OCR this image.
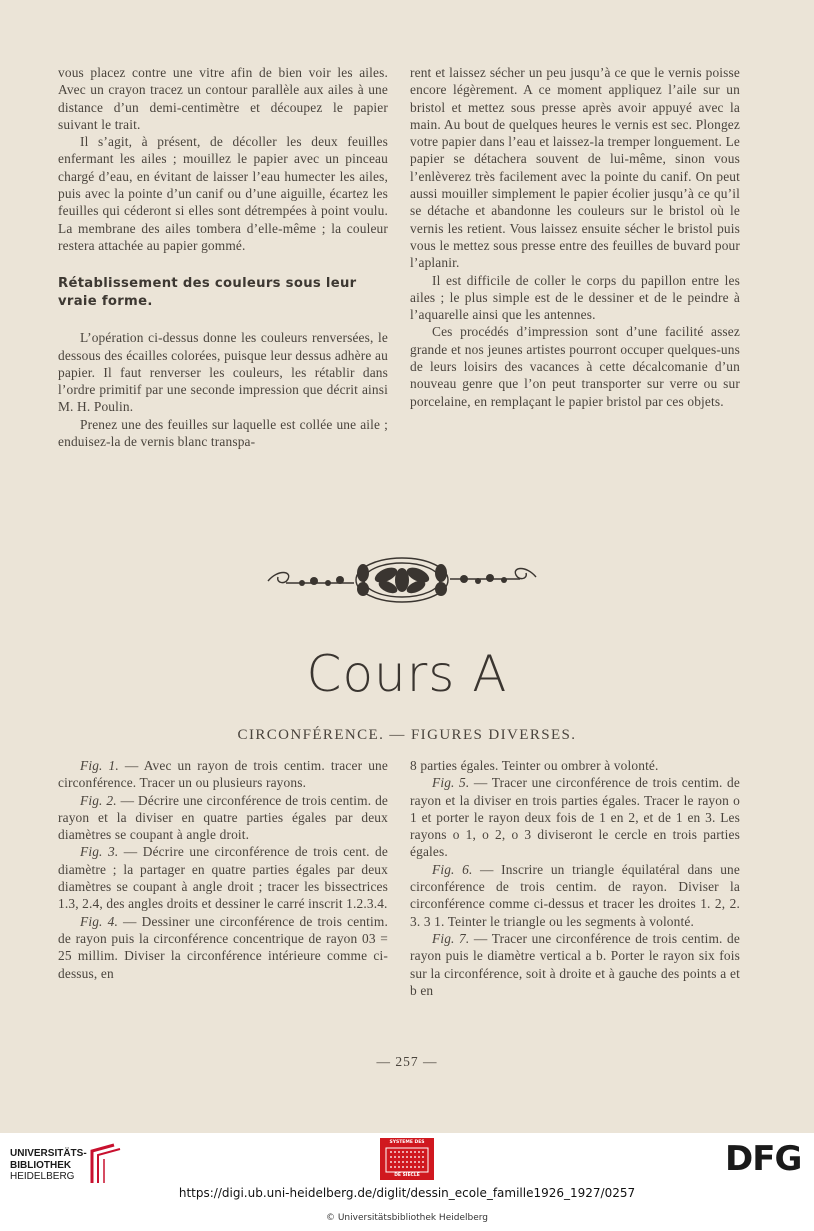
vous placez contre une vitre afin de bien voir les ailes. Avec un crayon tracez un contour parallèle aux ailes à une distance d’un demi-centimètre et découpez le papier suivant le trait.

Il s’agit, à présent, de décoller les deux feuilles enfermant les ailes ; mouillez le papier avec un pinceau chargé d’eau, en évitant de laisser l’eau humecter les ailes, puis avec la pointe d’un canif ou d’une aiguille, écartez les feuilles qui céderont si elles sont détrempées à point voulu. La membrane des ailes tombera d’elle-même ; la couleur restera attachée au papier gommé.

Rétablissement des couleurs sous leur
vraie forme.

L’opération ci-dessus donne les couleurs renversées, le dessous des écailles colorées, puisque leur dessus adhère au papier. Il faut renverser les couleurs, les rétablir dans l’ordre primitif par une seconde impression que décrit ainsi M. H. Poulin.

Prenez une des feuilles sur laquelle est collée une aile ; enduisez-la de vernis blanc transpa-

rent et laissez sécher un peu jusqu’à ce que le vernis poisse encore légèrement. A ce moment appliquez l’aile sur un bristol et mettez sous presse après avoir appuyé avec la main. Au bout de quelques heures le vernis est sec. Plongez votre papier dans l’eau et laissez-la tremper longuement. Le papier se détachera souvent de lui-même, sinon vous l’enlèverez très facilement avec la pointe du canif. On peut aussi mouiller simplement le papier écolier jusqu’à ce qu’il se détache et abandonne les couleurs sur le bristol où le vernis les retient. Vous laissez ensuite sécher le bristol puis vous le mettez sous presse entre des feuilles de buvard pour l’aplanir.

Il est difficile de coller le corps du papillon entre les ailes ; le plus simple est de le dessiner et de le peindre à l’aquarelle ainsi que les antennes.

Ces procédés d’impression sont d’une facilité assez grande et nos jeunes artistes pourront occuper quelques-uns de leurs loisirs des vacances à cette décalcomanie d’un nouveau genre que l’on peut transporter sur verre ou sur porcelaine, en remplaçant le papier bristol par ces objets.

Cours A
CIRCONFÉRENCE. — FIGURES DIVERSES.

Fig. 1. — Avec un rayon de trois centim. tracer une circonférence. Tracer un ou plusieurs rayons.

Fig. 2. — Décrire une circonférence de trois centim. de rayon et la diviser en quatre parties égales par deux diamètres se coupant à angle droit.

Fig. 3. — Décrire une circonférence de trois cent. de diamètre ; la partager en quatre parties égales par deux diamètres se coupant à angle droit ; tracer les bissectrices 1.3, 2.4, des angles droits et dessiner le carré inscrit 1.2.3.4.

Fig. 4. — Dessiner une circonférence de trois centim. de rayon puis la circonférence concentrique de rayon 03 = 25 millim. Diviser la circonférence intérieure comme ci-dessus, en

8 parties égales. Teinter ou ombrer à volonté.

Fig. 5. — Tracer une circonférence de trois centim. de rayon et la diviser en trois parties égales. Tracer le rayon o 1 et porter le rayon deux fois de 1 en 2, et de 1 en 3. Les rayons o 1, o 2, o 3 diviseront le cercle en trois parties égales.

Fig. 6. — Inscrire un triangle équilatéral dans une circonférence de trois centim. de rayon. Diviser la circonférence comme ci-dessus et tracer les droites 1. 2, 2. 3. 3 1. Teinter le triangle ou les segments à volonté.

Fig. 7. — Tracer une circonférence de trois centim. de rayon puis le diamètre vertical a b. Porter le rayon six fois sur la circonférence, soit à droite et à gauche des points a et b en

— 257 —
UNIVERSITÄTS-
BIBLIOTHEK
HEIDELBERG
SYSTEME DES
DE SIECLE	DFG
https://digi.ub.uni-heidelberg.de/diglit/dessin_ecole_famille1926_1927/0257
© Universitätsbibliothek Heidelberg
